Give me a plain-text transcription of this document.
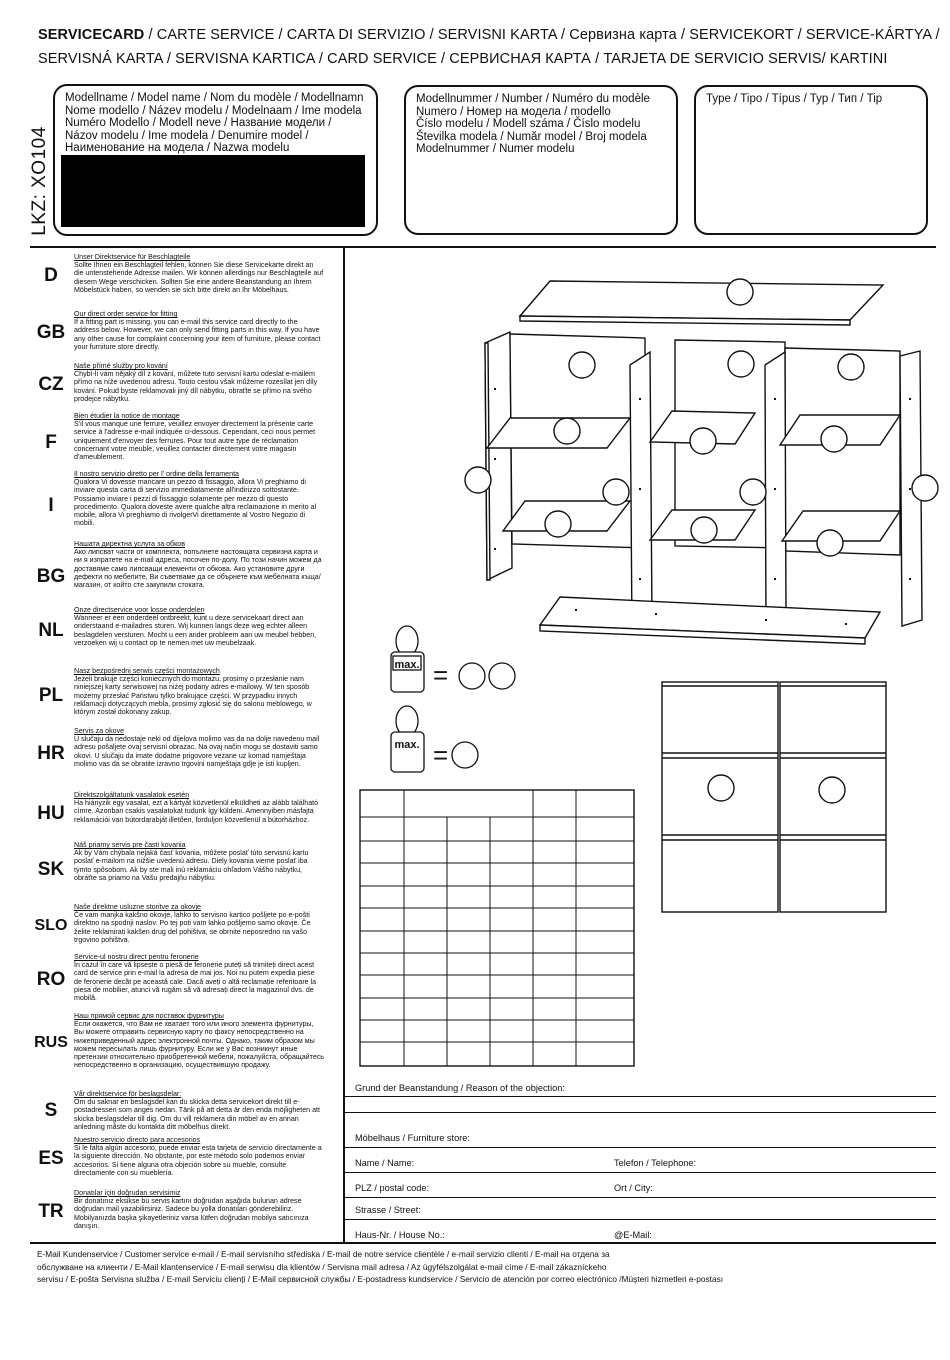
SERVICECARD / CARTE SERVICE / CARTA DI SERVIZIO / SERVISNI KARTA / Сервизна карта / SERVICEKORT / SERVICE-KÁRTYA /
SERVISNÁ KARTA / SERVISNA KARTICA / CARD SERVICE / СЕРВИСНАЯ КАРТА / TARJETA DE SERVICIO SERVIS/ KARTINI
LKZ: XO104
Modellname / Model name / Nom du modèle / Modellnamn
Nome modello / Název modelu / Modelnaam / Ime modela
Numéro Modello / Modell neve / Название модели /
Názov modelu / Ime modela / Denumire model /
Наименование на модела / Nazwa modelu
Modellnummer / Number / Numéro du modèle
Numero / Номер на модела / modello
Číslo modelu / Modell száma / Číslo modelu
Številka modela / Număr model / Broj modela
Modelnummer / Numer modelu
Type / Tipo / Típus / Typ / Тип / Tip
D
Unser Direktservice für Beschlagteile
Sollte Ihnen ein Beschlagteil fehlen, können Sie diese Servicekarte direkt an die untenstehende Adresse mailen. Wir können allerdings nur Beschlagteile auf diesem Wege verschicken. Sollten Sie eine andere Beanstandung an Ihrem Möbelstück haben, so wenden sie sich bitte direkt an Ihr Möbelhaus.
GB
Our direct order service for fitting
If a fitting part is missing, you can e-mail this service card directly to the address below. However, we can only send fitting parts in this way. If you have any other cause for complaint concerning your item of furniture, please contact your furniture store directly.
CZ
Naše přímé služby pro kování
Chybí-li vám nějaký díl z kování, můžete tuto servisní kartu odeslat e-mailem přímo na níže uvedenou adresu. Touto cestou však můžeme rozesílat jen díly kování. Pokud byste reklamovali jiný díl nábytku, obraťte se přímo na svého prodejce nábytku.
F
Bien étudier la notice de montage
S'il vous manque une ferrure, veuillez envoyer directement la présente carte service à l'adresse e-mail indiquée ci-dessous. Cependant, ceci nous permet uniquement d'envoyer des ferrures. Pour tout autre type de réclamation concernant votre meuble, veuillez contacter directement votre magasin d'ameublement.
I
Il nostro servizio diretto per l' ordine della ferramenta
Qualora Vi dovesse mancare un pezzo di fissaggio, allora Vi preghiamo di inviare questa carta di servizio immediatamente all'indirizzo sottostante. Possiamo inviare i pezzi di fissaggio solamente per mezzo di questo procedimento. Qualora doveste avere qualche altra reclamazione in merito al mobile, allora Vi preghiamo di rivolgerVi direttamente al Vostro Negozio di mobili.
BG
Нашата директна услуга за обков
Ако липсват части от комплекта, попълнете настоящата сервизна карта и ни я изпратете на е-mail адреса, посочен по-долу. По този начин можем да доставяме само липсващи елементи от обкова. Ако установите други дефекти по мебелите, Ви съветваме да се обърнете към мебелната къща/магазин, от който сте закупили стоката.
NL
Onze directservice voor losse onderdelen
Wanneer er een onderdeel ontbreekt, kunt u deze servicekaart direct aan onderstaand e-mailadres sturen. Wij kunnen langs deze weg echter alleen beslagdelen versturen. Mocht u een ander probleem aan uw meubel hebben, verzoeken wij u contact op te nemen met uw meubelzaak.
PL
Nasz bezpośredni serwis części montażowych
Jeżeli brakuje części koniecznych do montażu, prosimy o przesłanie nam niniejszej karty serwisowej na niżej podany adres e-mailowy. W ten sposób możemy przesłać Państwu tylko brakujące części. W przypadku innych reklamacji dotyczących mebla, prosimy zgłosić się do salonu meblowego, w którym został dokonany zakup.
HR
Servis za okove
U slučaju da nedostaje neki od dijelova molimo vas da na dolje navedenu mail adresu pošaljete ovaj servisni obrazac. Na ovaj način mogu se dostaviti samo okovi. U slučaju da imate dodatne prigovore vezane uz komad namještaja molimo vas da se obratite izravno trgovini namještaja gdje je isti kupljen.
HU
Direktszolgáltatunk vasalatok esetén
Ha hiányzik egy vasalat, ezt a kártyát közvetlenül elküldheti az alább található címre. Azonban csakis vasalatokat tudunk így küldeni. Amennyiben másfajta reklamációi van bútordarabját illetően, forduljon közvetlenül a bútorházhoz.
SK
Náš priamy servis pre časti kovania
Ak by Vám chýbala nejaká časť kovania, môžete poslať túto servisnú kartu poslať e-mailom na nižšie uvedenú adresu. Diely kovania vieme poslať iba týmto spôsobom. Ak by ste mali inú reklamáciu ohľadom Vášho nábytku, obráťte sa priamo na Vašu predajňu nábytku.
SLO
Naše direktne usluzne storitve za okovje
Če vam manjka kakšno okovje, lahko to servisno kartico pošljete po e-pošti direktno na spodnji naslov. Po tej poti vam lahko pošljemo samo okovje. Če želite reklamirati kakšen drug del pohištva, se obrnite neposredno na vašo trgovino pohištva.
RO
Service-ul nostru direct pentru feronerie
În cazul în care vă lipsește o piesă de feronerie puteți să trimiteți direct acest card de service prin e-mail la adresa de mai jos. Noi nu putem expedia piese de feronerie decât pe această cale. Dacă aveți o altă reclamație referitoare la piesa de mobilier, atunci vă rugăm să vă adresați direct la magazinul dvs. de mobilă.
RUS
Наш прямой сервис для поставок фурнитуры
Если окажется, что Вам не хватает того или иного элемента фурнитуры, Вы можете отправить сервисную карту по факсу непосредственно на нижеприведенный адрес электронной почты. Однако, таким образом мы можем пересылать лишь фурнитуру. Если же у Вас возникнут иные претензии относительно приобретенной мебели, пожалуйста, обращайтесь непосредственно в организацию, осуществившую продажу.
S
Vår direktservice för beslagsdelar:
Om du saknar en beslagsdel kan du skicka detta servicekort direkt till e-postadressen som anges nedan. Tänk på att detta är den enda möjligheten att skicka beslagsdelar till dig. Om du vill reklamera din möbel av en annan anledning måste du kontakta ditt möbelhus direkt.
ES
Nuestro servicio directo para accesorios
Si le falta algún accesorio, puede enviar esta tarjeta de servicio directamente a la siguiente dirección. No obstante, por este método solo podemos enviar accesorios. Si tiene alguna otra objeción sobre su mueble, consulte directamente con su mueblería.
TR
Donatılar için doğrudan servisimiz
Bir donatınız eksikse bu servis kartını doğrudan aşağıda bulunan adrese doğrudan mail yazabilirsiniz. Sadece bu yolla donatıları gönderebiliriz. Mobilyanızda başka şikayetleriniz varsa lütfen doğrudan mobilya satıcınıza danışın.
max. =
max. =
Grund der Beanstandung / Reason of the objection:
Möbelhaus / Furniture store:
Name / Name:	Telefon / Telephone:
PLZ / postal code:	Ort / City:
Strasse / Street:
Haus-Nr. / House No.:	@E-Mail:
E-Mail Kundenservice / Customer service e-mail / E-mail servisního střediska / E-mail de notre service clientèle / e-mail servizio clienti / E-mail на отдела за
обслужване на клиенти / E-Mail klantenservice / E-mail serwisu dla klientów / Servisna mail adresa / Az ügyfélszolgálat e-mail címe / E-mail zákazníckeho
servisu / E-pošta Servisna služba / E-mail Serviciu clienți / E-Mail сервисной службы / E-postadress kundservice / Servicio de atención por correo electrónico /Müşteri hizmetleri e-postası
